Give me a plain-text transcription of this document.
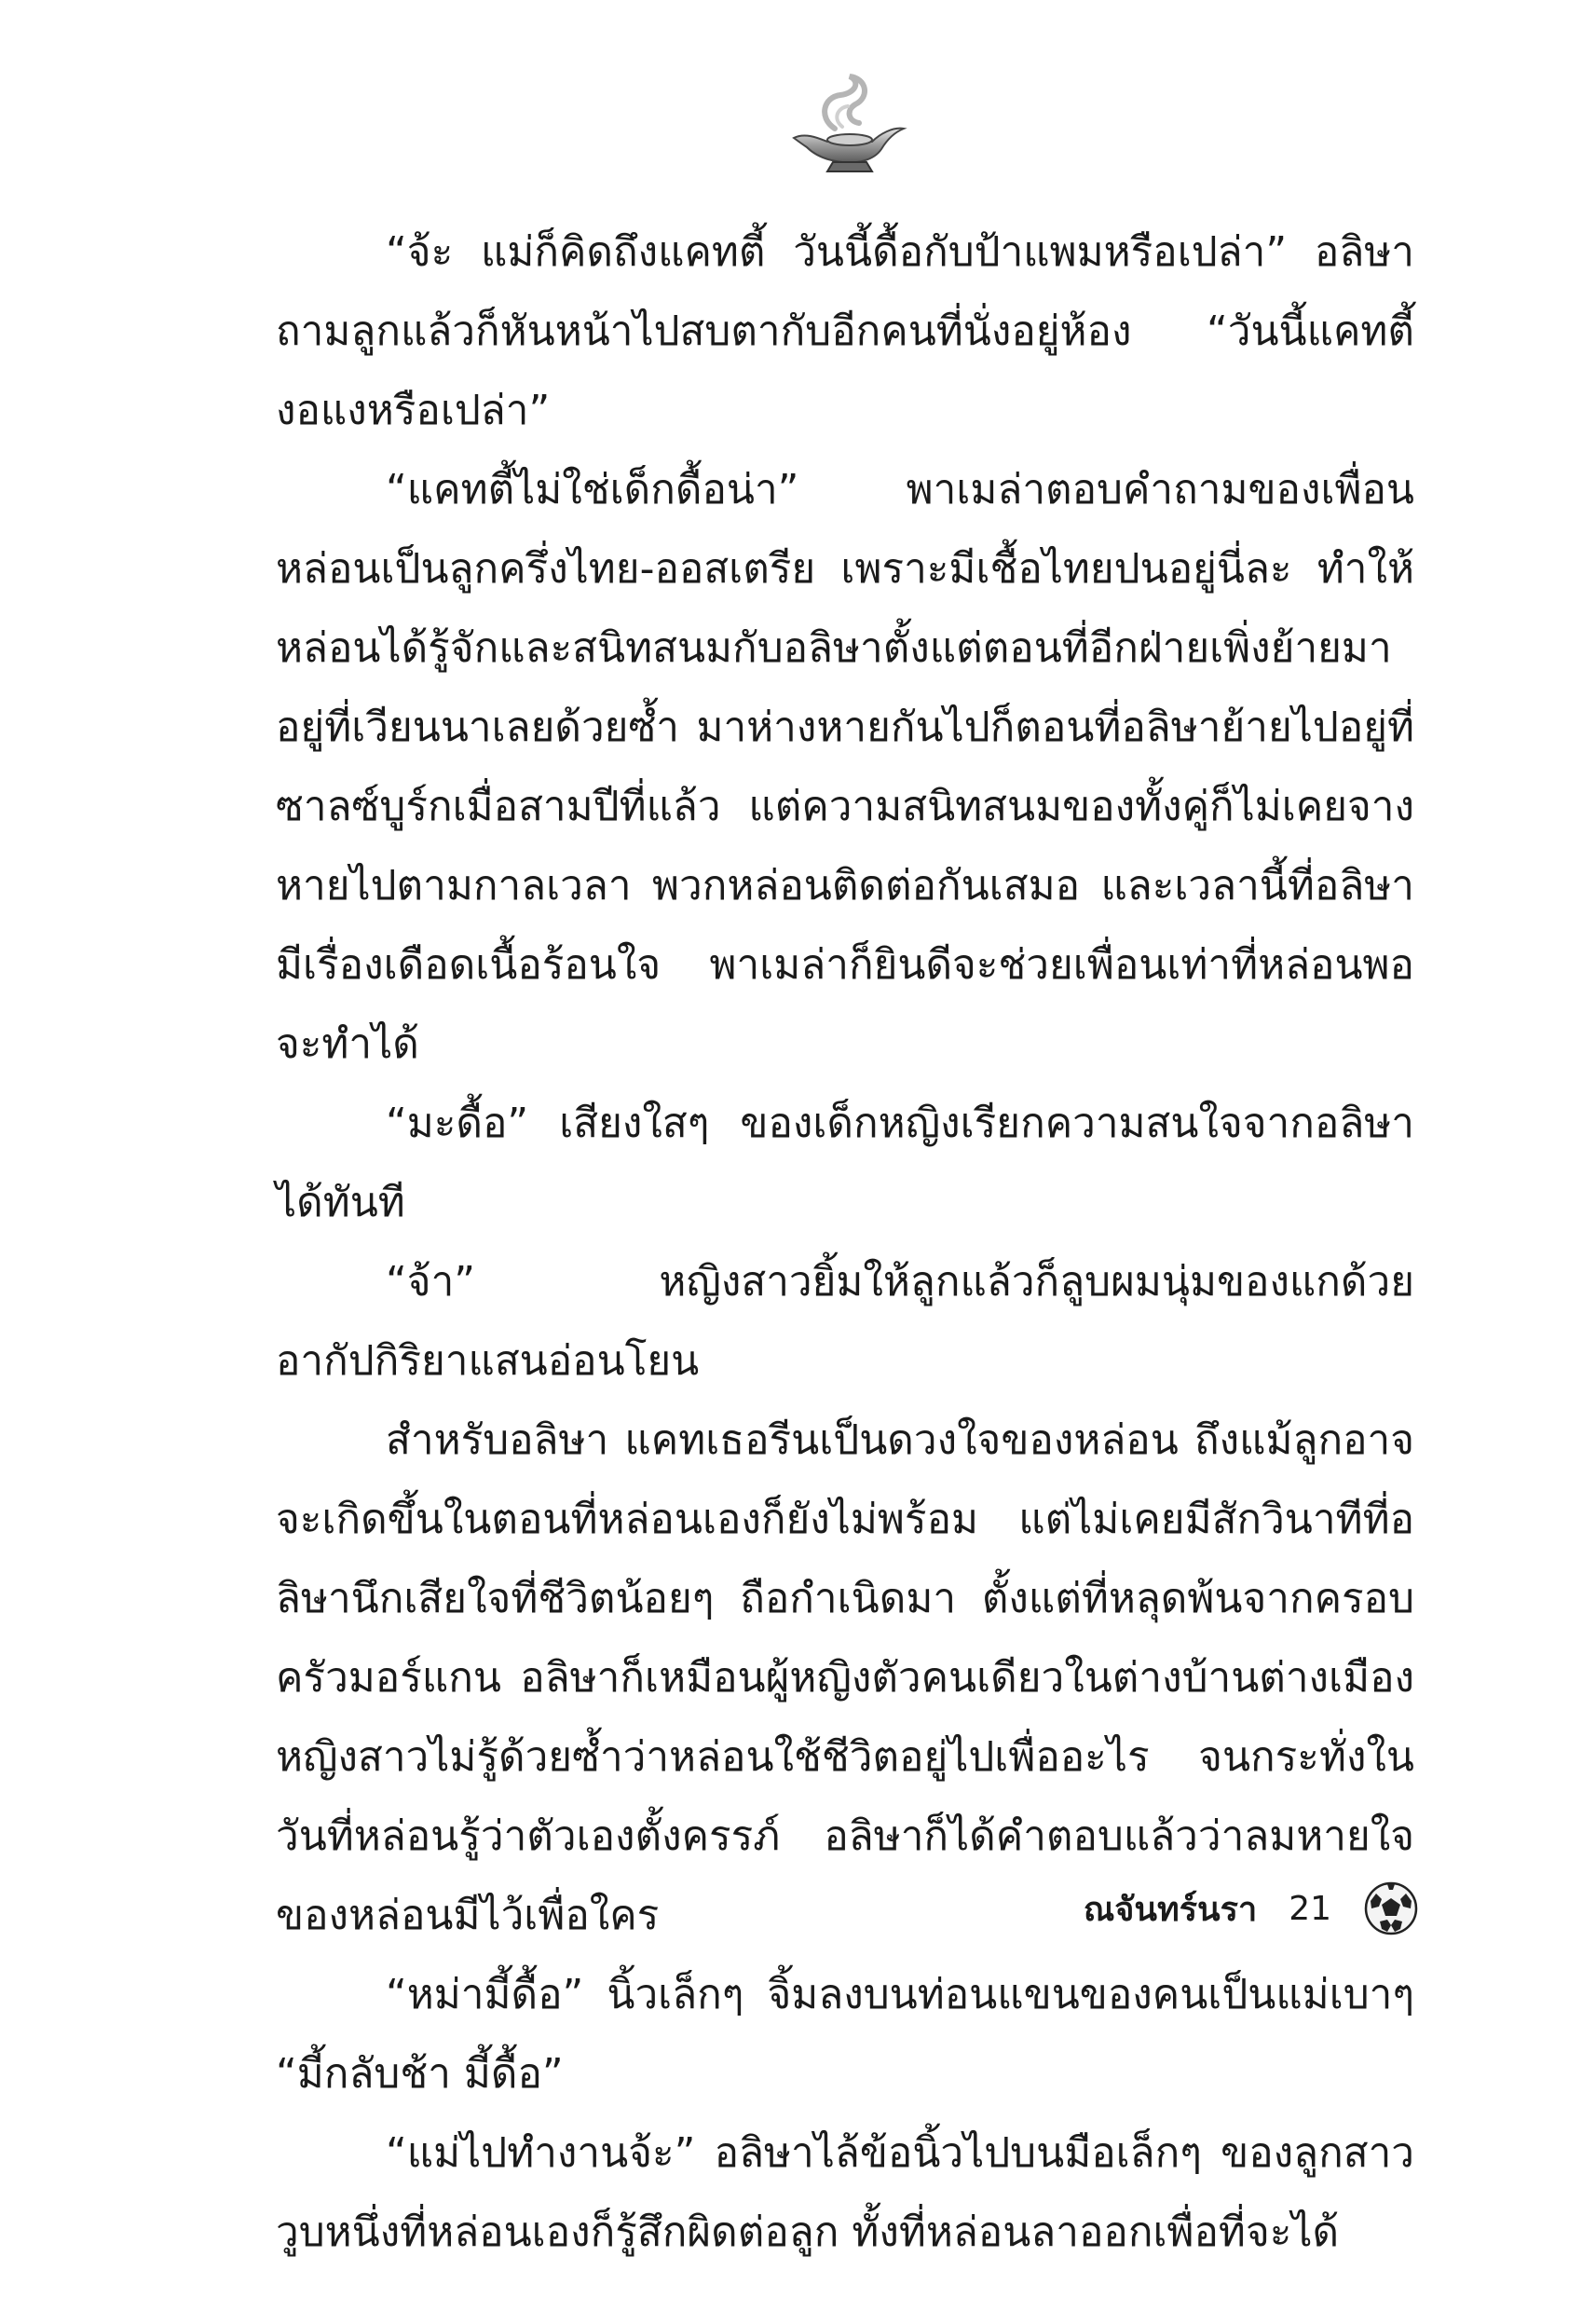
“จ้ะ แม่ก็คิดถึงแคทตี้ วันนี้ดื้อกับป้าแพมหรือเปล่า” อลิษาถามลูกแล้วก็หันหน้าไปสบตากับอีกคนที่นั่งอยู่ห้อง “วันนี้แคทตี้งอแงหรือเปล่า”

“แคทตี้ไม่ใช่เด็กดื้อน่า” พาเมล่าตอบคำถามของเพื่อน หล่อนเป็นลูกครึ่งไทย-ออสเตรีย เพราะมีเชื้อไทยปนอยู่นี่ละ ทำให้หล่อนได้รู้จักและสนิทสนมกับอลิษาตั้งแต่ตอนที่อีกฝ่ายเพิ่งย้ายมาอยู่ที่เวียนนาเลยด้วยซ้ำ มาห่างหายกันไปก็ตอนที่อลิษาย้ายไปอยู่ที่ซาลซ์บูร์กเมื่อสามปีที่แล้ว แต่ความสนิทสนมของทั้งคู่ก็ไม่เคยจางหายไปตามกาลเวลา พวกหล่อนติดต่อกันเสมอ และเวลานี้ที่อลิษามีเรื่องเดือดเนื้อร้อนใจ พาเมล่าก็ยินดีจะช่วยเพื่อนเท่าที่หล่อนพอจะทำได้

“มะดื้อ” เสียงใสๆ ของเด็กหญิงเรียกความสนใจจากอลิษาได้ทันที

“จ้า” หญิงสาวยิ้มให้ลูกแล้วก็ลูบผมนุ่มของแกด้วยอากัปกิริยาแสนอ่อนโยน

สำหรับอลิษา แคทเธอรีนเป็นดวงใจของหล่อน ถึงแม้ลูกอาจจะเกิดขึ้นในตอนที่หล่อนเองก็ยังไม่พร้อม แต่ไม่เคยมีสักวินาทีที่อลิษานึกเสียใจที่ชีวิตน้อยๆ ถือกำเนิดมา ตั้งแต่ที่หลุดพ้นจากครอบครัวมอร์แกน อลิษาก็เหมือนผู้หญิงตัวคนเดียวในต่างบ้านต่างเมือง หญิงสาวไม่รู้ด้วยซ้ำว่าหล่อนใช้ชีวิตอยู่ไปเพื่ออะไร จนกระทั่งในวันที่หล่อนรู้ว่าตัวเองตั้งครรภ์ อลิษาก็ได้คำตอบแล้วว่าลมหายใจของหล่อนมีไว้เพื่อใคร

“หม่ามี้ดื้อ” นิ้วเล็กๆ จิ้มลงบนท่อนแขนของคนเป็นแม่เบาๆ “มี้กลับช้า มี้ดื้อ”

“แม่ไปทำงานจ้ะ” อลิษาไล้ข้อนิ้วไปบนมือเล็กๆ ของลูกสาววูบหนึ่งที่หล่อนเองก็รู้สึกผิดต่อลูก ทั้งที่หล่อนลาออกเพื่อที่จะได้

ณจันทร์นรา 21
